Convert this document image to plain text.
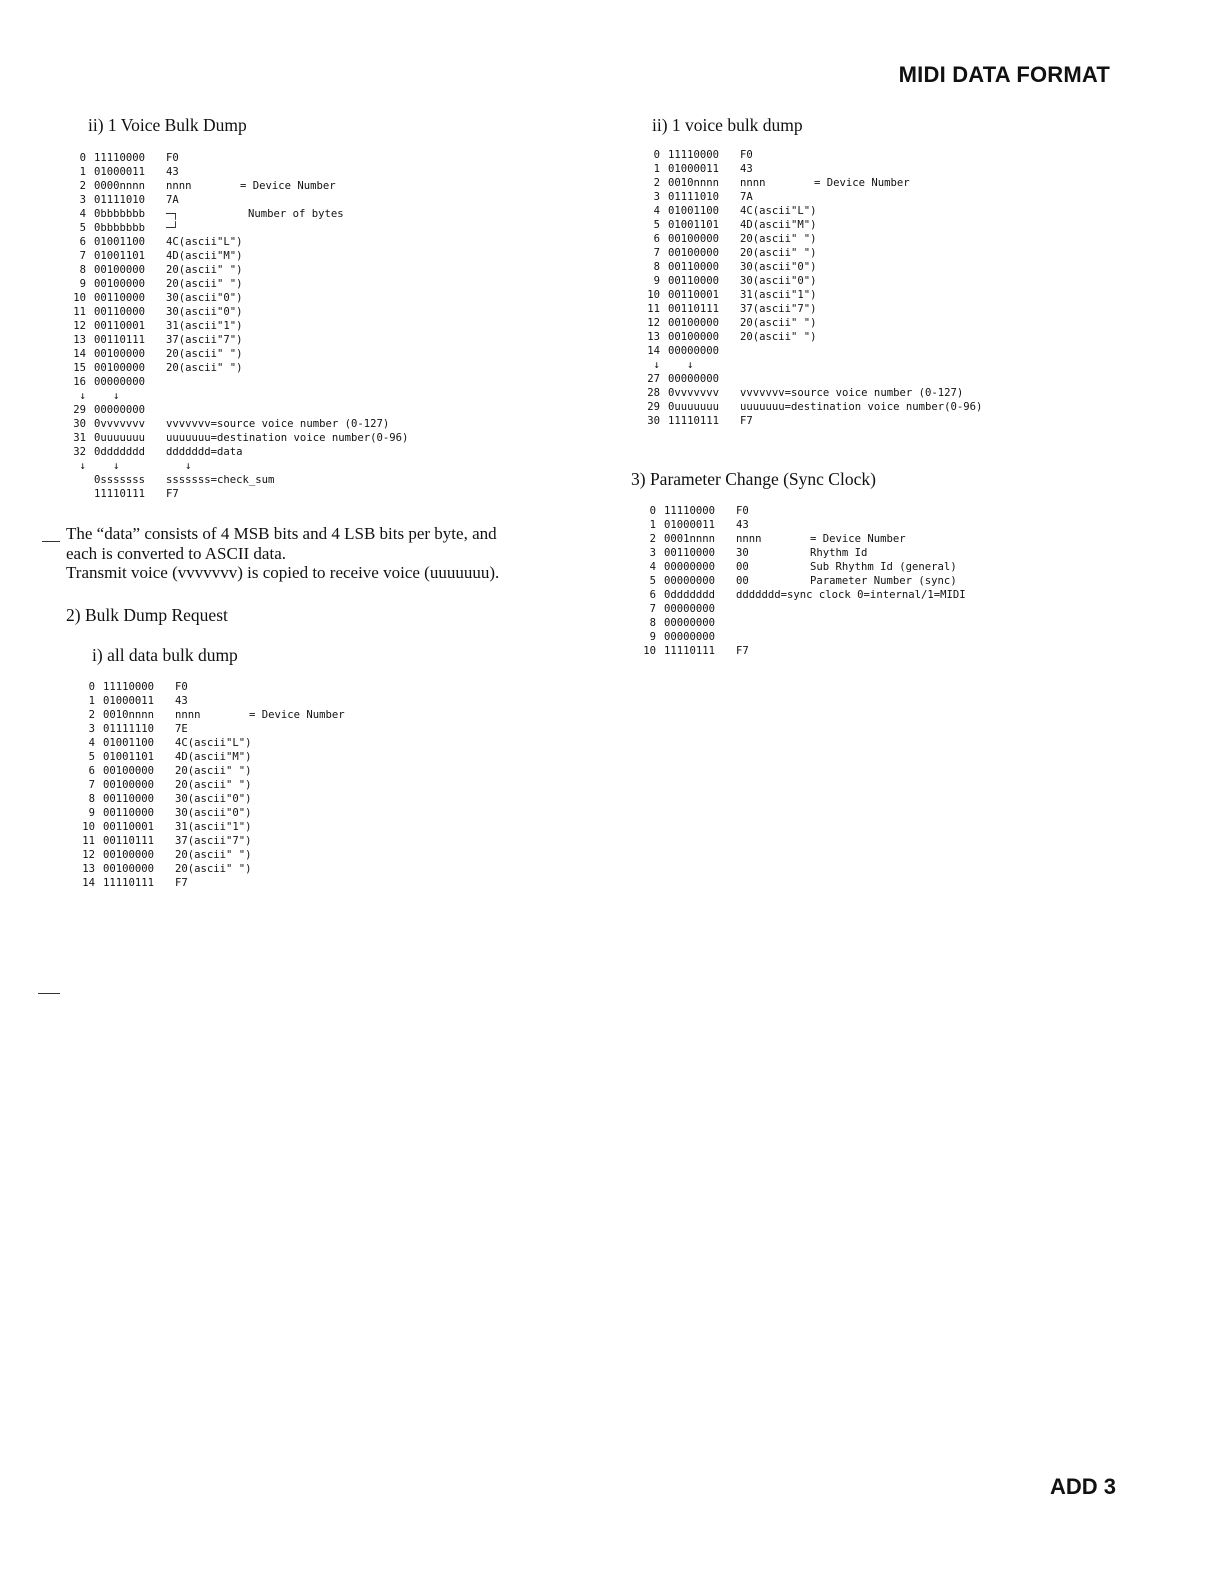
MIDI DATA FORMAT
ii) 1 Voice Bulk Dump
0 11110000 F0
1 01000011 43
2 0000nnnn nnnn	= Device Number
3 01111010 7A
4 0bbbbbbb ─┐	Number of bytes
5 0bbbbbbb ─┘
6 01001100 4C(ascii"L")
7 01001101 4D(ascii"M")
8 00100000 20(ascii" ")
9 00100000 20(ascii" ")
10 00110000 30(ascii"0")
11 00110000 30(ascii"0")
12 00110001 31(ascii"1")
13 00110111 37(ascii"7")
14 00100000 20(ascii" ")
15 00100000 20(ascii" ")
16 00000000
↓   ↓
29 00000000
30 0vvvvvvv vvvvvvv=source voice number (0-127)
31 0uuuuuuu uuuuuuu=destination voice number(0-96)
32 0ddddddd ddddddd=data
↓   ↓	↓
0sssssss sssssss=check_sum
11110111 F7

The “data” consists of 4 MSB bits and 4 LSB bits per byte, and

each is converted to ASCII data.

Transmit voice (vvvvvvv) is copied to receive voice (uuuuuuu).

2) Bulk Dump Request
i) all data bulk dump
0 11110000 F0
1 01000011 43
2 0010nnnn nnnn	= Device Number
3 01111110 7E
4 01001100 4C(ascii"L")
5 01001101 4D(ascii"M")
6 00100000 20(ascii" ")
7 00100000 20(ascii" ")
8 00110000 30(ascii"0")
9 00110000 30(ascii"0")
10 00110001 31(ascii"1")
11 00110111 37(ascii"7")
12 00100000 20(ascii" ")
13 00100000 20(ascii" ")
14 11110111 F7
ii) 1 voice bulk dump
0 11110000 F0
1 01000011 43
2 0010nnnn nnnn	= Device Number
3 01111010 7A
4 01001100 4C(ascii"L")
5 01001101 4D(ascii"M")
6 00100000 20(ascii" ")
7 00100000 20(ascii" ")
8 00110000 30(ascii"0")
9 00110000 30(ascii"0")
10 00110001 31(ascii"1")
11 00110111 37(ascii"7")
12 00100000 20(ascii" ")
13 00100000 20(ascii" ")
14 00000000
↓   ↓
27 00000000
28 0vvvvvvv vvvvvvv=source voice number (0-127)
29 0uuuuuuu uuuuuuu=destination voice number(0-96)
30 11110111 F7
3) Parameter Change (Sync Clock)
0 11110000 F0
1 01000011 43
2 0001nnnn nnnn	= Device Number
3 00110000 30	Rhythm Id
4 00000000 00	Sub Rhythm Id (general)
5 00000000 00	Parameter Number (sync)
6 0ddddddd ddddddd=sync clock 0=internal/1=MIDI
7 00000000
8 00000000
9 00000000
10 11110111 F7
ADD 3
